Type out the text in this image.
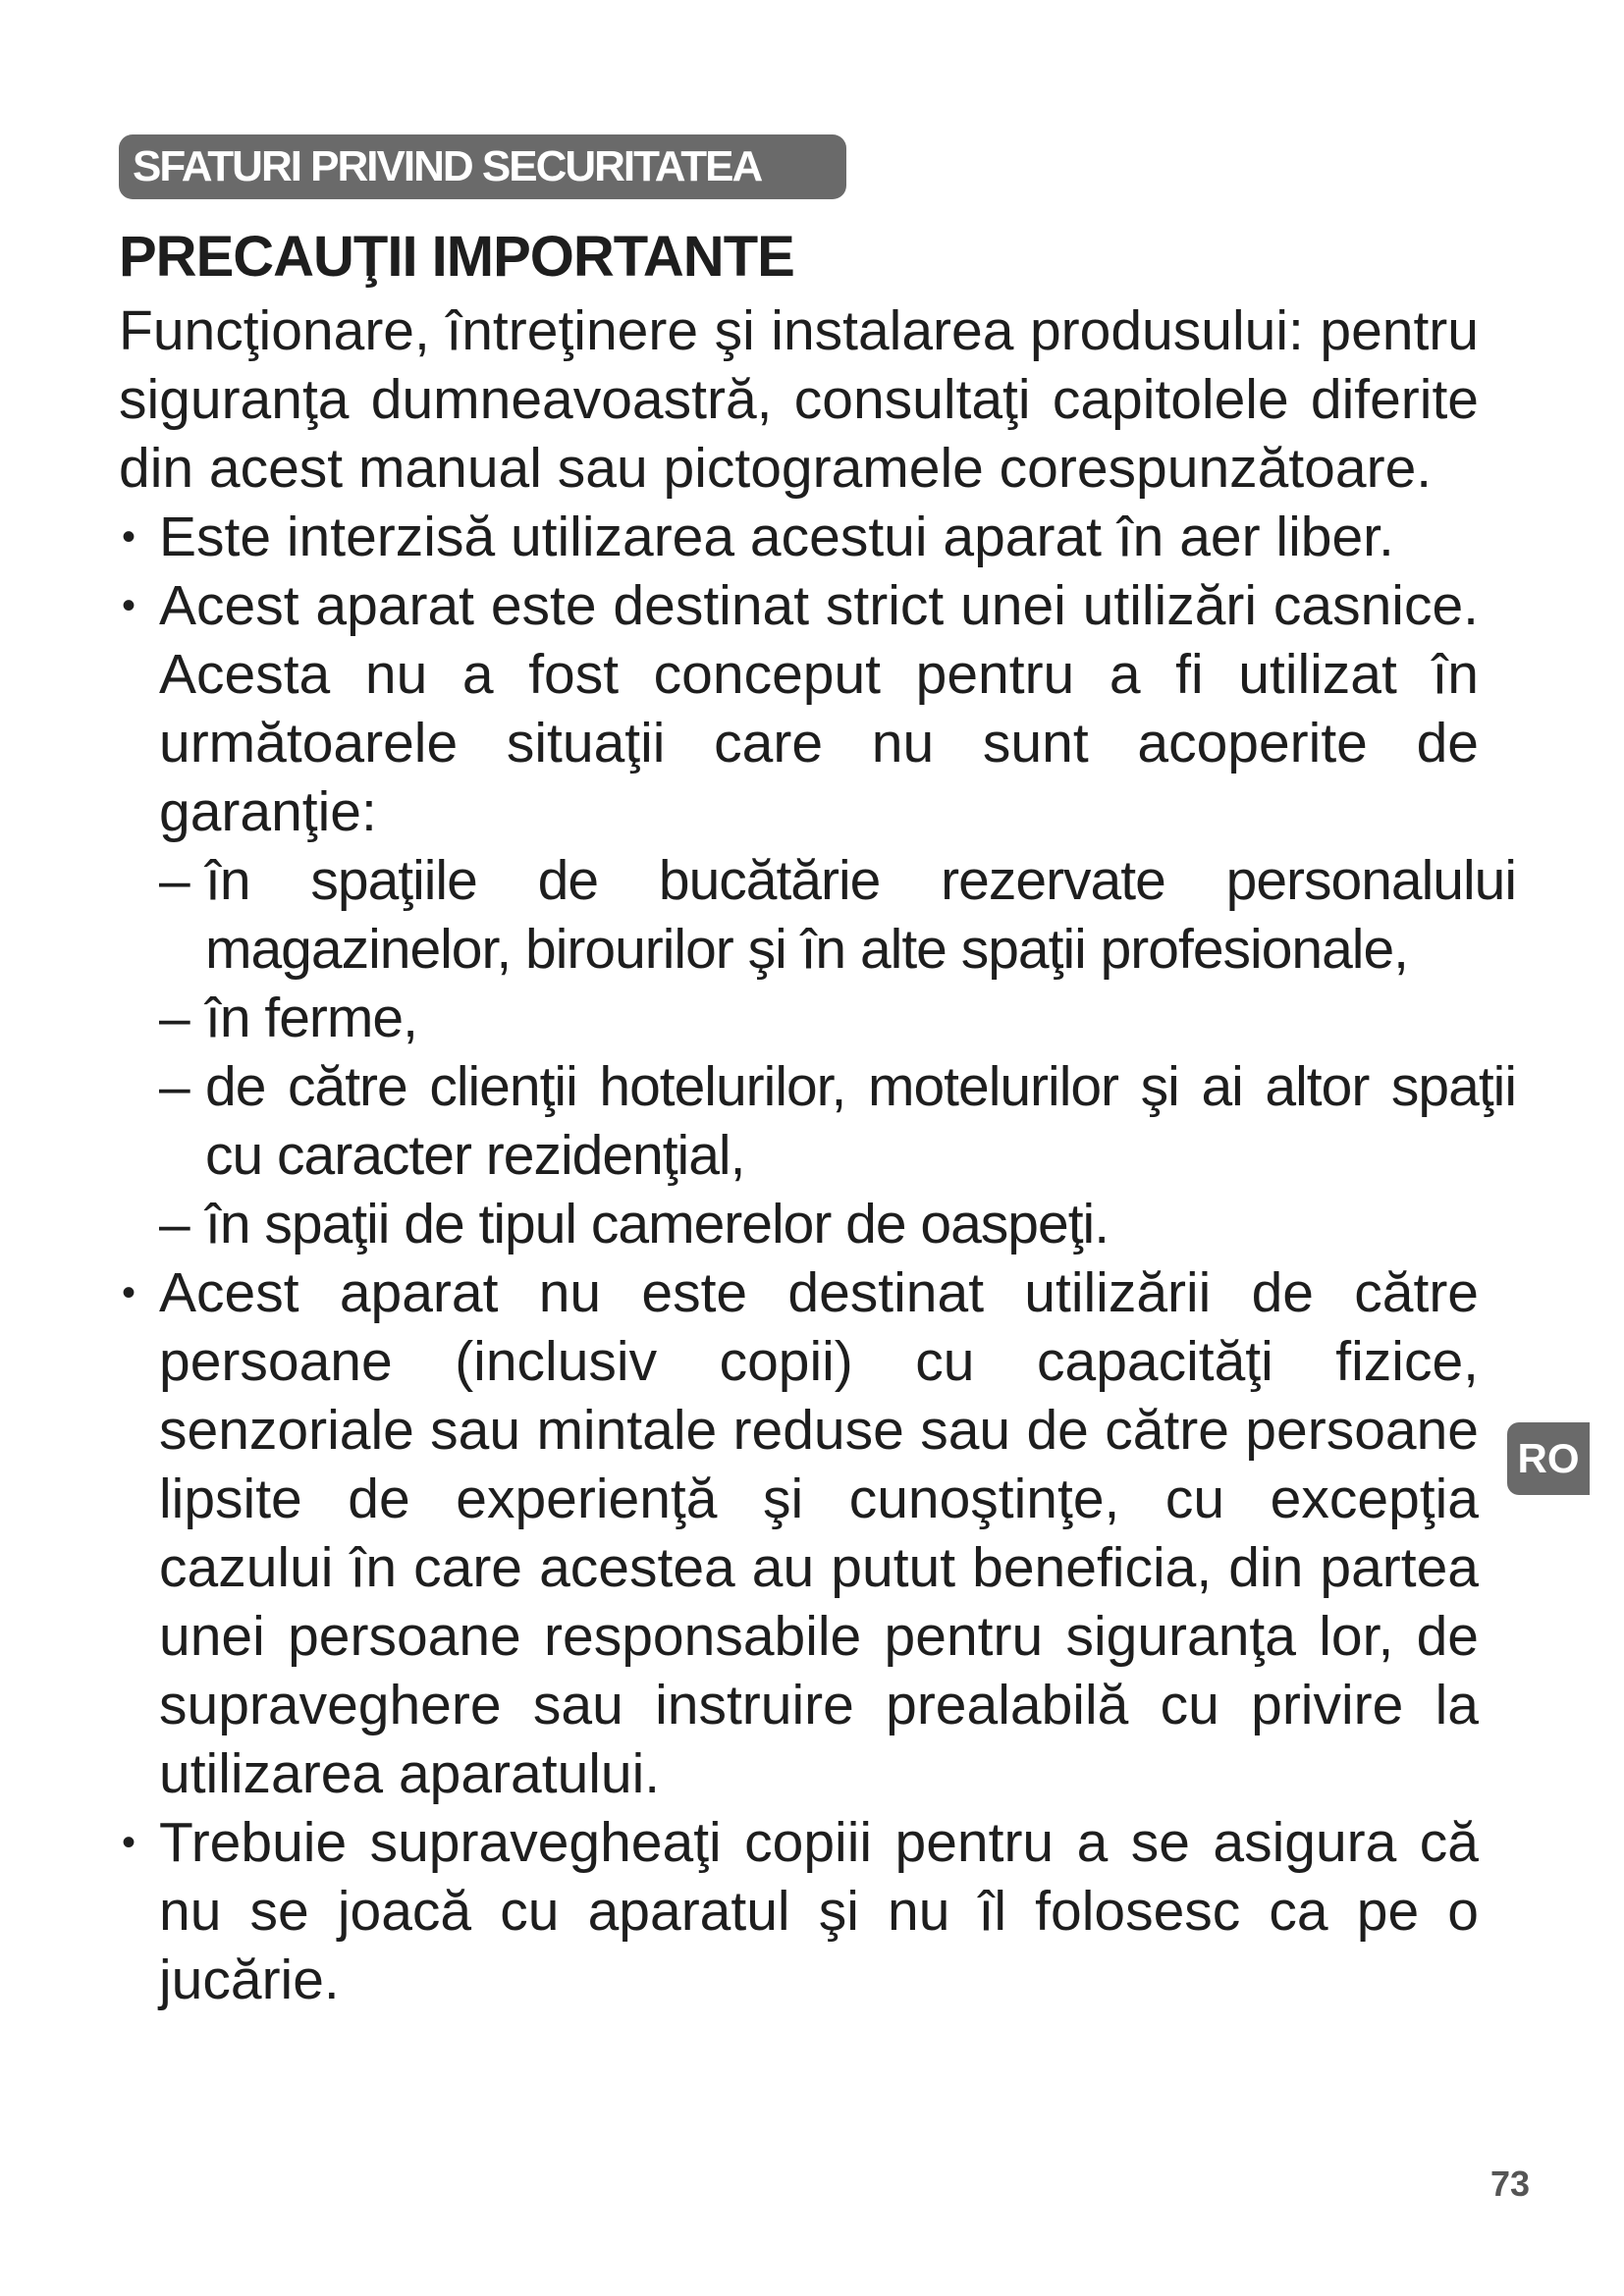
SFATURI PRIVIND SECURITATEA
PRECAUŢII IMPORTANTE

Funcţionare, întreţinere şi instalarea produsului: pentru siguranţa dumneavoastră, consultaţi capitolele diferite din acest manual sau pictogramele corespunzătoare.

• Este interzisă utilizarea acestui aparat în aer liber.
• Acest aparat este destinat strict unei utilizări casnice. Acesta nu a fost conceput pentru a fi utilizat în următoarele situaţii care nu sunt acoperite de garanţie:
– în spaţiile de bucătărie rezervate personalului magazinelor, birourilor şi în alte spaţii profesionale,
– în ferme,
– de către clienţii hotelurilor, motelurilor şi ai altor spaţii cu caracter rezidenţial,
– în spaţii de tipul camerelor de oaspeţi.
• Acest aparat nu este destinat utilizării de către persoane (inclusiv copii) cu capacităţi fizice, senzoriale sau mintale reduse sau de către persoane lipsite de experienţă şi cunoştinţe, cu excepţia cazului în care acestea au putut beneficia, din partea unei persoane responsabile pentru siguranţa lor, de supraveghere sau instruire prealabilă cu privire la utilizarea aparatului.
• Trebuie supravegheaţi copiii pentru a se asigura că nu se joacă cu aparatul şi nu îl folosesc ca pe o jucărie.
RO
73
